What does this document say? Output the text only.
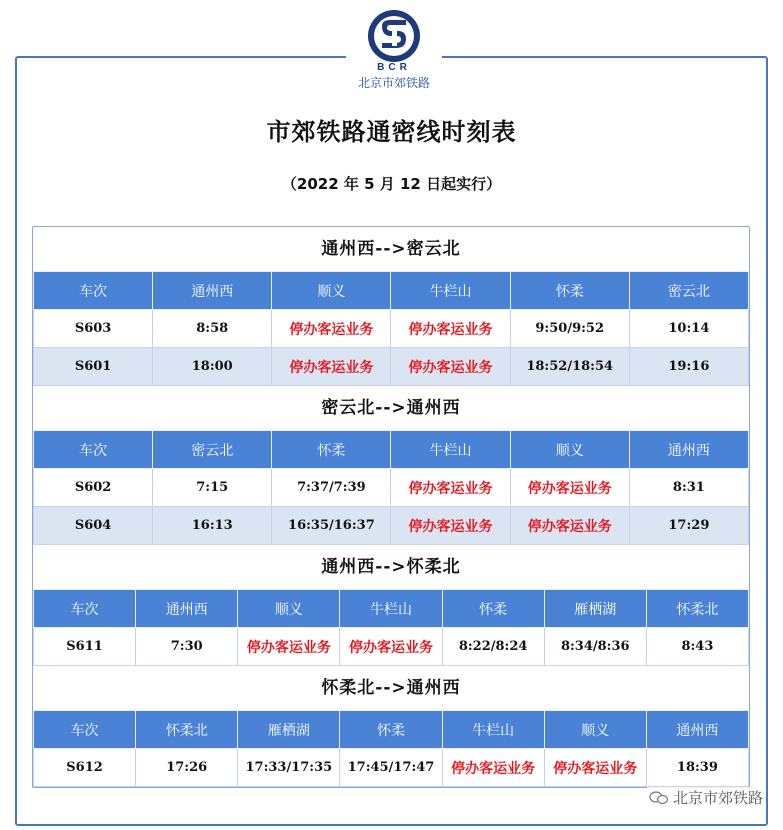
BCR
北京市郊铁路
市郊铁路通密线时刻表
（2022 年 5 月 12 日起实行）
通州西-->密云北
车次	通州西	顺义	牛栏山	怀柔	密云北
S603	8:58	停办客运业务	停办客运业务	9:50/9:52	10:14
S601	18:00	停办客运业务	停办客运业务	18:52/18:54	19:16
密云北-->通州西
车次	密云北	怀柔	牛栏山	顺义	通州西
S602	7:15	7:37/7:39	停办客运业务	停办客运业务	8:31
S604	16:13	16:35/16:37	停办客运业务	停办客运业务	17:29
通州西-->怀柔北
车次	通州西	顺义	牛栏山	怀柔	雁栖湖	怀柔北
S611	7:30	停办客运业务	停办客运业务	8:22/8:24	8:34/8:36	8:43
怀柔北-->通州西
车次	怀柔北	雁栖湖	怀柔	牛栏山	顺义	通州西
S612	17:26	17:33/17:35	17:45/17:47	停办客运业务	停办客运业务	18:39
北京市郊铁路
